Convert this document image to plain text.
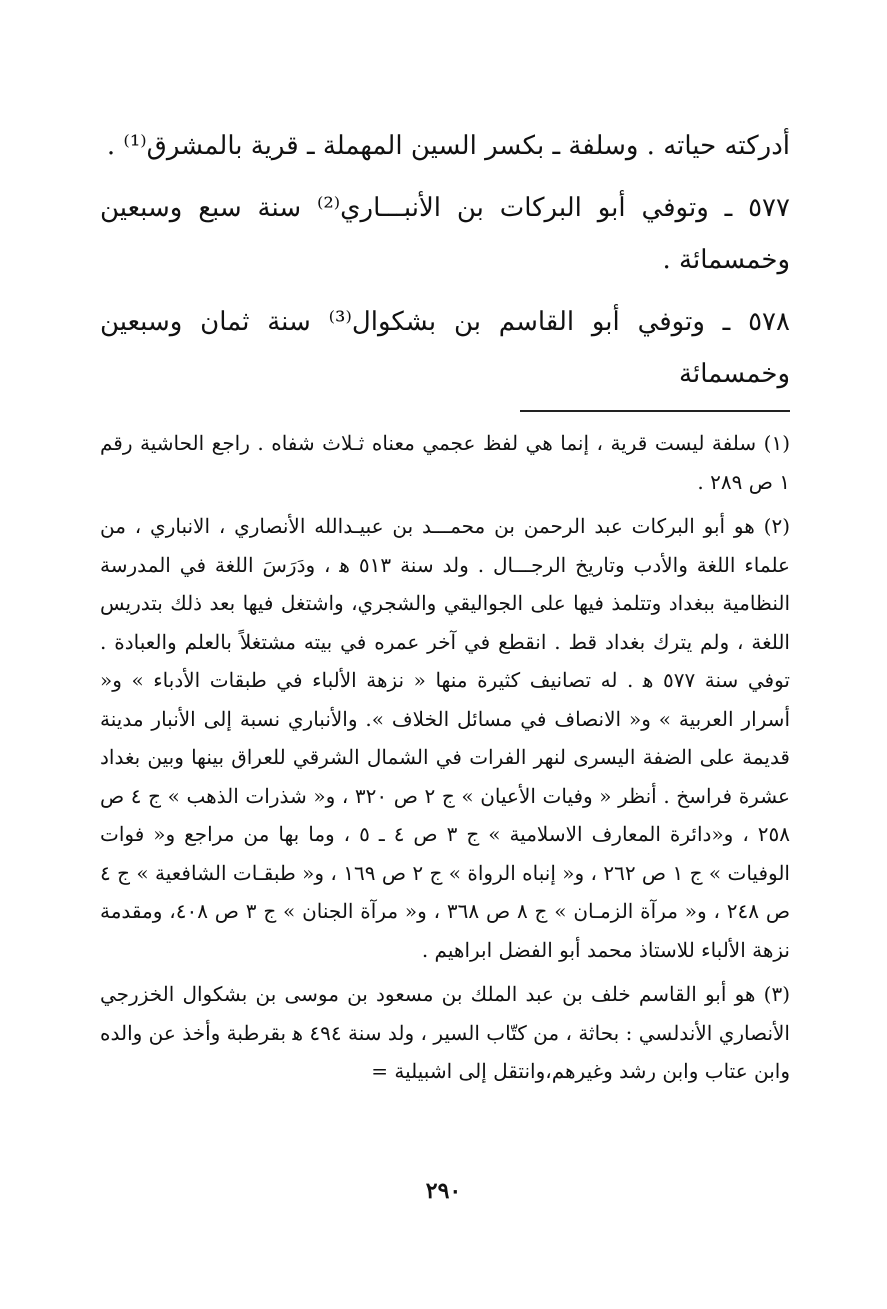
أدركته حياته . وسلفة ـ بكسر السين المهملة ـ قرية بالمشرق⁽¹⁾ .

٥٧٧ ـ وتوفي أبو البركات بن الأنبـــاري⁽²⁾ سنة سبع وسبعين وخمسمائة .

٥٧٨ ـ وتوفي أبو القاسم بن بشكوال⁽³⁾ سنة ثمان وسبعين وخمسمائة

(١) سلفة ليست قرية ، إنما هي لفظ عجمي معناه ثـلاث شفاه . راجع الحاشية رقم ١ ص ٢٨٩ .

(٢) هو أبو البركات عبد الرحمن بن محمـــد بن عبيـدالله الأنصاري ، الانباري ، من علماء اللغة والأدب وتاريخ الرجـــال . ولد سنة ٥١٣ ﻫ ، ودَرَسَ اللغة في المدرسة النظامية ببغداد وتتلمذ فيها على الجواليقي والشجري، واشتغل فيها بعد ذلك بتدريس اللغة ، ولم يترك بغداد قط . انقطع في آخر عمره في بيته مشتغلاً بالعلم والعبادة . توفي سنة ٥٧٧ ﻫ . له تصانيف كثيرة منها « نزهة الألباء في طبقات الأدباء » و« أسرار العربية » و« الانصاف في مسائل الخلاف ». والأنباري نسبة إلى الأنبار مدينة قديمة على الضفة اليسرى لنهر الفرات في الشمال الشرقي للعراق بينها وبين بغداد عشرة فراسخ . أنظر « وفيات الأعيان » ج ٢ ص ٣٢٠ ، و« شذرات الذهب » ج ٤ ص ٢٥٨ ، و«دائرة المعارف الاسلامية » ج ٣ ص ٤ ـ ٥ ، وما بها من مراجع و« فوات الوفيات » ج ١ ص ٢٦٢ ، و« إنباه الرواة » ج ٢ ص ١٦٩ ، و« طبقـات الشافعية » ج ٤ ص ٢٤٨ ، و« مرآة الزمـان » ج ٨ ص ٣٦٨ ، و« مرآة الجنان » ج ٣ ص ٤٠٨، ومقدمة نزهة الألباء للاستاذ محمد أبو الفضل ابراهيم .

(٣) هو أبو القاسم خلف بن عبد الملك بن مسعود بن موسى بن بشكوال الخزرجي الأنصاري الأندلسي : بحاثة ، من كتّاب السير ، ولد سنة ٤٩٤ ﻫ بقرطبة وأخذ عن والده وابن عتاب وابن رشد وغيرهم،وانتقل إلى اشبيلية =

٢٩٠
